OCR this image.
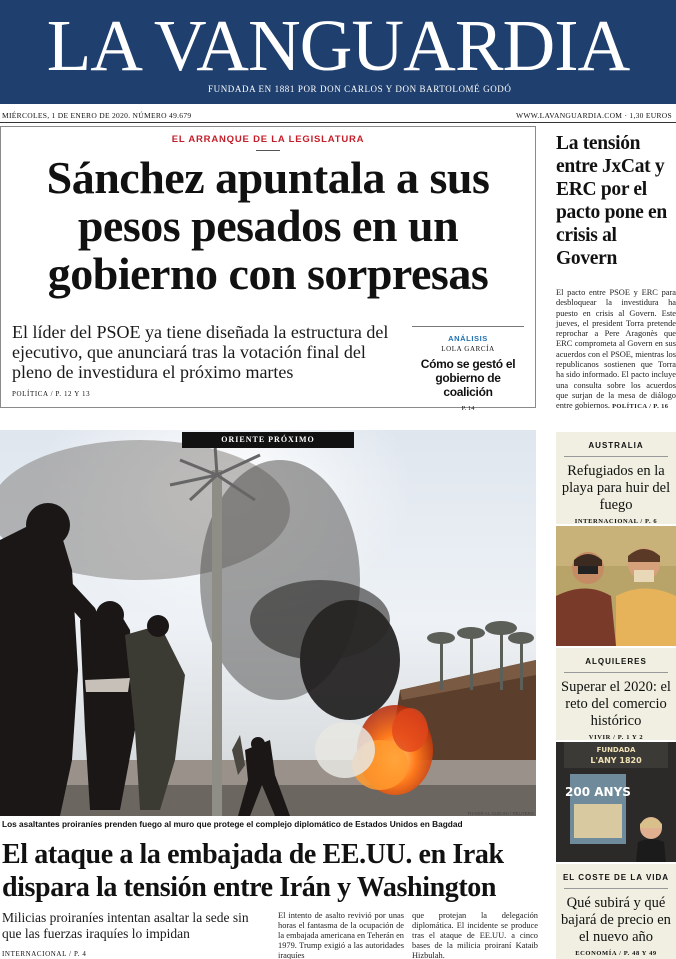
LA VANGUARDIA
FUNDADA EN 1881 POR DON CARLOS Y DON BARTOLOMÉ GODÓ
MIÉRCOLES, 1 DE ENERO DE 2020. NÚMERO 49.679	WWW.LAVANGUARDIA.COM · 1,30 EUROS
EL ARRANQUE DE LA LEGISLATURA
Sánchez apuntala a sus
pesos pesados en un
gobierno con sorpresas

El líder del PSOE ya tiene diseñada la estructura del ejecutivo, que anunciará tras la votación final del pleno de investidura el próximo martes

POLÍTICA / P. 12 Y 13
ANÁLISIS
LOLA GARCÍA
Cómo se gestó el gobierno de coalición
P. 14
La tensión entre JxCat y ERC por el pacto pone en crisis al Govern

El pacto entre PSOE y ERC para desbloquear la investidura ha puesto en crisis al Govern. Este jueves, el president Torra pretende reprochar a Pere Aragonès que ERC comprometa al Govern en sus acuerdos con el PSOE, mientras los republicanos sostienen que Torra ha sido informado. El pacto incluye una consulta sobre los acuerdos que surjan de la mesa de diálogo entre gobiernos. POLÍTICA / P. 16

ORIENTE PRÓXIMO
THAIER AL-SUDANI / REUTERS
Los asaltantes proiraníes prenden fuego al muro que protege el complejo diplomático de Estados Unidos en Bagdad
El ataque a la embajada de EE.UU. en Irak
dispara la tensión entre Irán y Washington

Milicias proiraníes intentan asaltar la sede sin que las fuerzas iraquíes lo impidan

INTERNACIONAL / P. 4

El intento de asalto revivió por unas horas el fantasma de la ocupación de la embajada americana en Teherán en 1979. Trump exigió a las autoridades iraquíes

que protejan la delegación diplomática. El incidente se produce tras el ataque de EE.UU. a cinco bases de la milicia proiraní Kataib Hizbulah.

AUSTRALIA
Refugiados en la playa para huir del fuego
INTERNACIONAL / P. 6
ALQUILERES
Superar el 2020: el reto del comercio histórico
VIVIR / P. 1 Y 2
FUNDADA
L'ANY 1820
200 ANYS
EL COSTE DE LA VIDA
Qué subirá y qué bajará de precio en el nuevo año
ECONOMÍA / P. 48 Y 49
